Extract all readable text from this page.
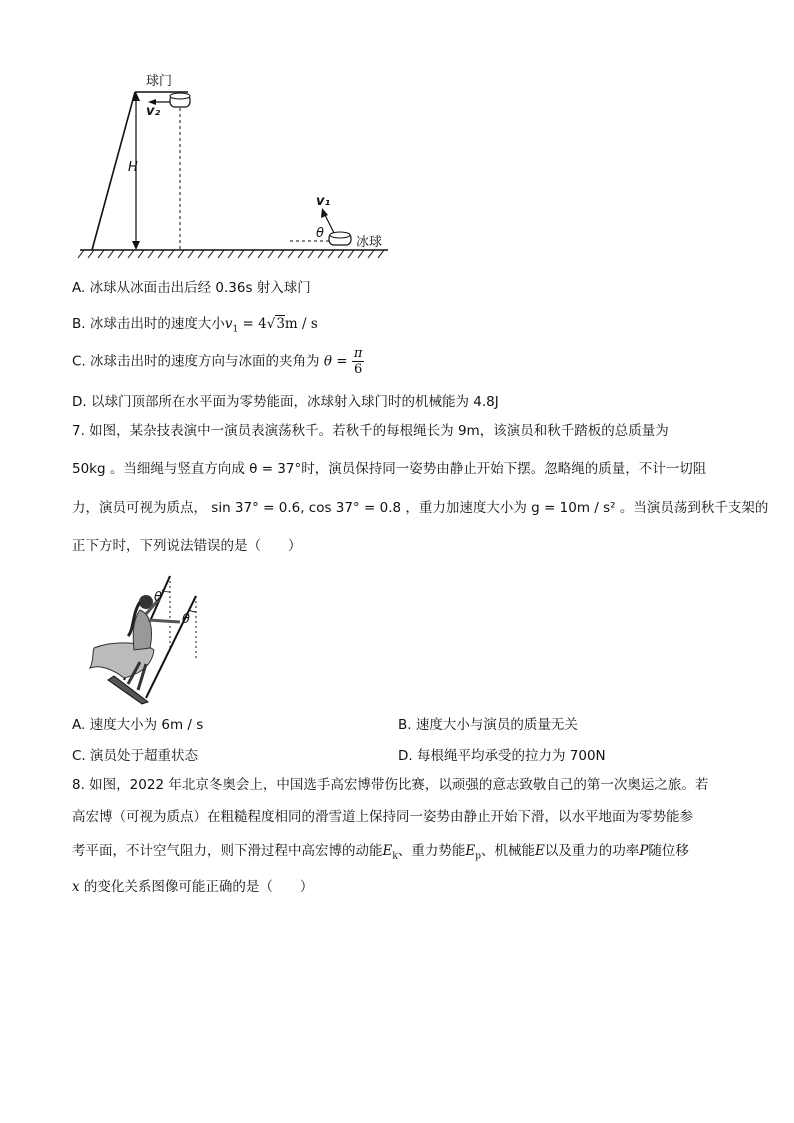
球门
v₂
H
v₁
θ
冰球
A. 冰球从冰面击出后经 0.36s 射入球门
B. 冰球击出时的速度大小$v_1 = 4√3m / s$
C. 冰球击出时的速度方向与冰面的夹角为 $\theta = \frac{\pi}{6}$
D. 以球门顶部所在水平面为零势能面，冰球射入球门时的机械能为 4.8J
7. 如图，某杂技表演中一演员表演荡秋千。若秋千的每根绳长为 9m，该演员和秋千踏板的总质量为
50kg 。当细绳与竖直方向成 θ = 37°时，演员保持同一姿势由静止开始下摆。忽略绳的质量，不计一切阻
力，演员可视为质点， sin 37° = 0.6, cos 37° = 0.8 ，重力加速度大小为 g = 10m / s² 。当演员荡到秋千支架的
正下方时，下列说法错误的是（　　）
θ
θ
A. 速度大小为 6m / s	B. 速度大小与演员的质量无关
C. 演员处于超重状态	D. 每根绳平均承受的拉力为 700N
8. 如图，2022 年北京冬奥会上，中国选手高宏博带伤比赛，以顽强的意志致敬自己的第一次奥运之旅。若
高宏博（可视为质点）在粗糙程度相同的滑雪道上保持同一姿势由静止开始下滑，以水平地面为零势能参
考平面，不计空气阻力，则下滑过程中高宏博的动能$E_k$、重力势能$E_p$、机械能E以及重力的功率P随位移
x 的变化关系图像可能正确的是（　　）
